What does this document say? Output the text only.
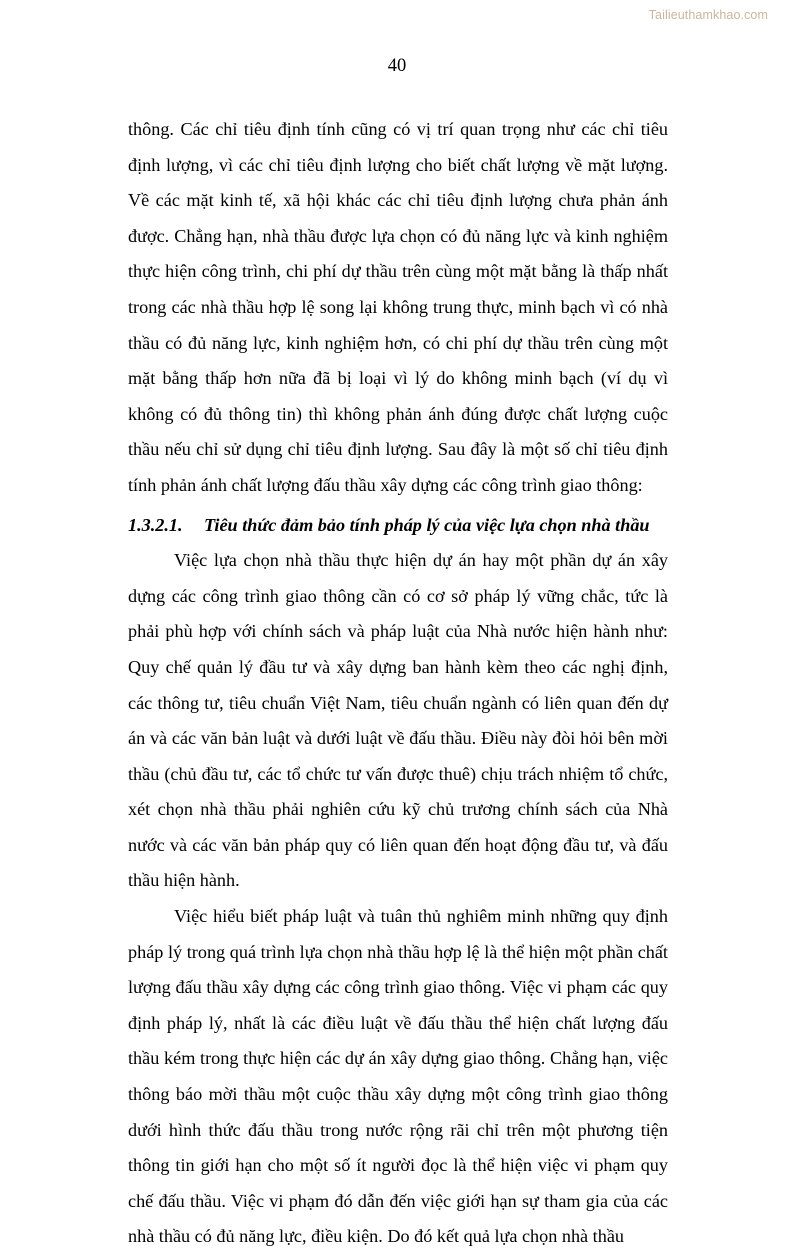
Tailieuthamkhao.com
40

thông. Các chỉ tiêu định tính cũng có vị trí quan trọng như các chỉ tiêu định lượng, vì các chỉ tiêu định lượng cho biết chất lượng về mặt lượng. Về các mặt kinh tế, xã hội khác các chỉ tiêu định lượng chưa phản ánh được. Chẳng hạn, nhà thầu được lựa chọn có đủ năng lực và kinh nghiệm thực hiện công trình, chi phí dự thầu trên cùng một mặt bằng là thấp nhất trong các nhà thầu hợp lệ song lại không trung thực, minh bạch vì có nhà thầu có đủ năng lực, kinh nghiệm hơn, có chi phí dự thầu trên cùng một mặt bằng thấp hơn nữa đã bị loại vì lý do không minh bạch (ví dụ vì không có đủ thông tin) thì không phản ánh đúng được chất lượng cuộc thầu nếu chỉ sử dụng chỉ tiêu định lượng. Sau đây là một số chỉ tiêu định tính phản ánh chất lượng đấu thầu xây dựng các công trình giao thông:

1.3.2.1. Tiêu thức đảm bảo tính pháp lý của việc lựa chọn nhà thầu

Việc lựa chọn nhà thầu thực hiện dự án hay một phần dự án xây dựng các công trình giao thông cần có cơ sở pháp lý vững chắc, tức là phải phù hợp với chính sách và pháp luật của Nhà nước hiện hành như: Quy chế quản lý đầu tư và xây dựng ban hành kèm theo các nghị định, các thông tư, tiêu chuẩn Việt Nam, tiêu chuẩn ngành có liên quan đến dự án và các văn bản luật và dưới luật về đấu thầu. Điều này đòi hỏi bên mời thầu (chủ đầu tư, các tổ chức tư vấn được thuê) chịu trách nhiệm tổ chức, xét chọn nhà thầu phải nghiên cứu kỹ chủ trương chính sách của Nhà nước và các văn bản pháp quy có liên quan đến hoạt động đầu tư, và đấu thầu hiện hành.

Việc hiểu biết pháp luật và tuân thủ nghiêm minh những quy định pháp lý trong quá trình lựa chọn nhà thầu hợp lệ là thể hiện một phần chất lượng đấu thầu xây dựng các công trình giao thông. Việc vi phạm các quy định pháp lý, nhất là các điều luật về đấu thầu thể hiện chất lượng đấu thầu kém trong thực hiện các dự án xây dựng giao thông. Chẳng hạn, việc thông báo mời thầu một cuộc thầu xây dựng một công trình giao thông dưới hình thức đấu thầu trong nước rộng rãi chỉ trên một phương tiện thông tin giới hạn cho một số ít người đọc là thể hiện việc vi phạm quy chế đấu thầu. Việc vi phạm đó dẫn đến việc giới hạn sự tham gia của các nhà thầu có đủ năng lực, điều kiện. Do đó kết quả lựa chọn nhà thầu
